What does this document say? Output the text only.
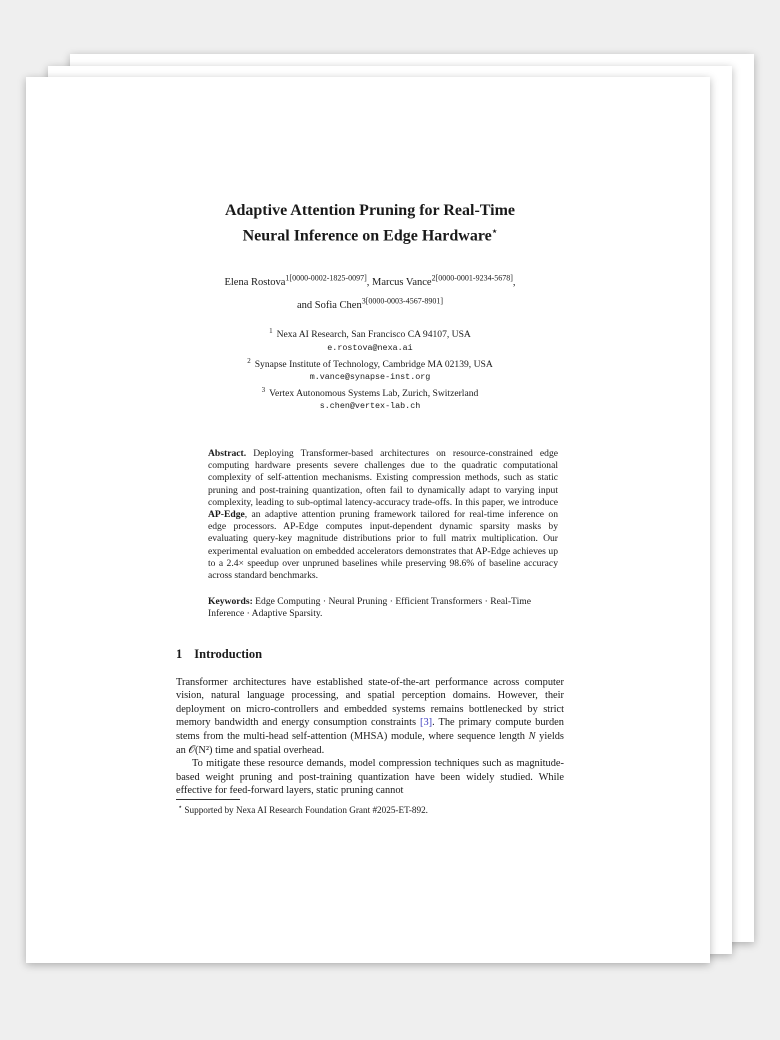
Adaptive Attention Pruning for Real-Time
Neural Inference on Edge Hardware⋆
Elena Rostova$^{1[0000-0002-1825-0097]}$, Marcus Vance$^{2[0000-0001-9234-5678]}$,
and Sofia Chen$^{3[0000-0003-4567-8901]}$
$^1$ Nexa AI Research, San Francisco CA 94107, USA
e.rostova@nexa.ai
$^2$ Synapse Institute of Technology, Cambridge MA 02139, USA
m.vance@synapse-inst.org
$^3$ Vertex Autonomous Systems Lab, Zurich, Switzerland
s.chen@vertex-lab.ch
Abstract. Deploying Transformer-based architectures on resource-constrained edge computing hardware presents severe challenges due to the quadratic computational complexity of self-attention mechanisms. Existing compression methods, such as static pruning and post-training quantization, often fail to dynamically adapt to varying input complexity, leading to sub-optimal latency-accuracy trade-offs. In this paper, we introduce AP-Edge, an adaptive attention pruning framework tailored for real-time inference on edge processors. AP-Edge computes input-dependent dynamic sparsity masks by evaluating query-key magnitude distributions prior to full matrix multiplication. Our experimental evaluation on embedded accelerators demonstrates that AP-Edge achieves up to a 2.4× speedup over unpruned baselines while preserving 98.6% of baseline accuracy across standard benchmarks.
Keywords: Edge Computing · Neural Pruning · Efficient Transformers · Real-Time Inference · Adaptive Sparsity.
1 Introduction

Transformer architectures have established state-of-the-art performance across computer vision, natural language processing, and spatial perception domains. However, their deployment on micro-controllers and embedded systems remains bottlenecked by strict memory bandwidth and energy consumption constraints [3]. The primary compute burden stems from the multi-head self-attention (MHSA) module, where sequence length N yields an 𝒪(N²) time and spatial overhead.

To mitigate these resource demands, model compression techniques such as magnitude-based weight pruning and post-training quantization have been widely studied. While effective for feed-forward layers, static pruning cannot

⋆ Supported by Nexa AI Research Foundation Grant #2025-ET-892.
